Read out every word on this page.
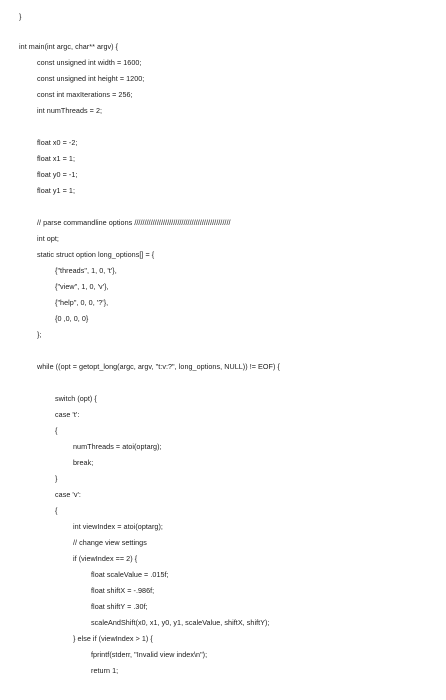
}
int main(int argc, char** argv) {
const unsigned int width = 1600;
const unsigned int height = 1200;
const int maxIterations = 256;
int numThreads = 2;
float x0 = -2;
float x1 = 1;
float y0 = -1;
float y1 = 1;
// parse commandline options ///////////////////////////////////////////////
int opt;
static struct option long_options[] = {
{"threads", 1, 0, 't'},
{"view", 1, 0, 'v'},
{"help", 0, 0, '?'},
{0 ,0, 0, 0}
};
while ((opt = getopt_long(argc, argv, "t:v:?", long_options, NULL)) != EOF) {
switch (opt) {
case 't':
{
numThreads = atoi(optarg);
break;
}
case 'v':
{
int viewIndex = atoi(optarg);
// change view settings
if (viewIndex == 2) {
float scaleValue = .015f;
float shiftX = -.986f;
float shiftY = .30f;
scaleAndShift(x0, x1, y0, y1, scaleValue, shiftX, shiftY);
} else if (viewIndex > 1) {
fprintf(stderr, "Invalid view index\n");
return 1;
